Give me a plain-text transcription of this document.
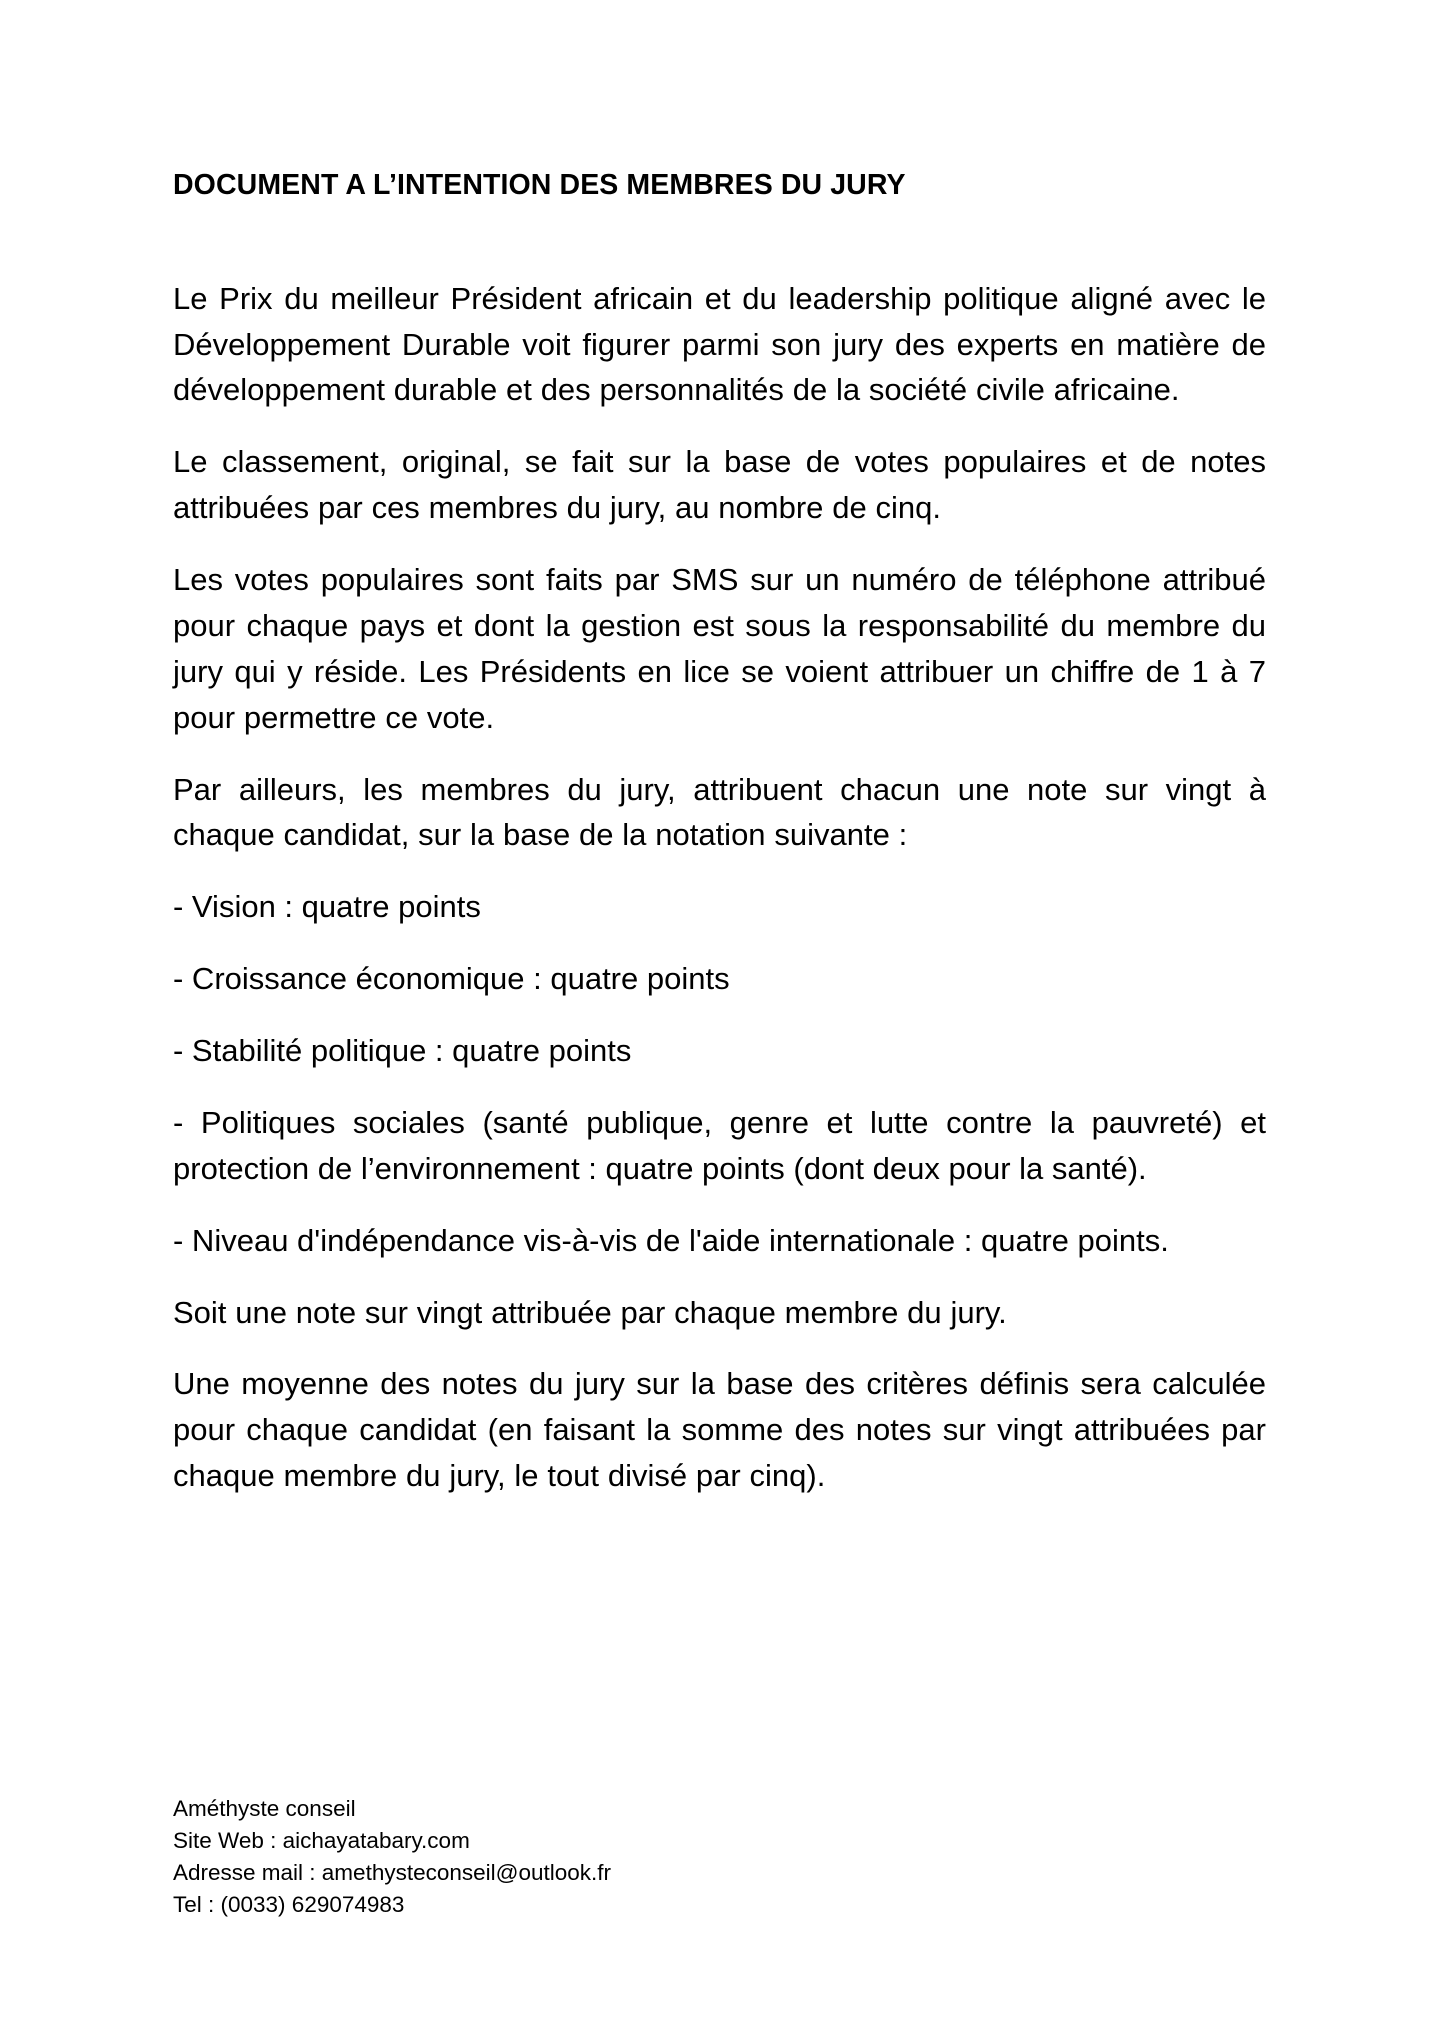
DOCUMENT A L’INTENTION DES MEMBRES DU JURY

Le Prix du meilleur Président africain et du leadership politique aligné avec le Développement Durable voit figurer parmi son jury des experts en matière de développement durable et des personnalités de la société civile africaine.

Le classement, original, se fait sur la base de votes populaires et de notes attribuées par ces membres du jury, au nombre de cinq.

Les votes populaires sont faits par SMS sur un numéro de téléphone attribué pour chaque pays et dont la gestion est sous la responsabilité du membre du jury qui y réside. Les Présidents en lice se voient attribuer un chiffre de 1 à 7 pour permettre ce vote.

Par ailleurs, les membres du jury, attribuent chacun une note sur vingt à chaque candidat, sur la base de la notation suivante :

- Vision : quatre points

- Croissance économique : quatre points

- Stabilité politique : quatre points

- Politiques sociales (santé publique, genre et lutte contre la pauvreté) et protection de l’environnement : quatre points (dont deux pour la santé).

- Niveau d'indépendance vis-à-vis de l'aide internationale : quatre points.

Soit une note sur vingt attribuée par chaque membre du jury.

Une moyenne des notes du jury sur la base des critères définis sera calculée pour chaque candidat (en faisant la somme des notes sur vingt attribuées par chaque membre du jury, le tout divisé par cinq).

Améthyste conseil

Site Web : aichayatabary.com

Adresse mail : amethysteconseil@outlook.fr

Tel : (0033) 629074983
